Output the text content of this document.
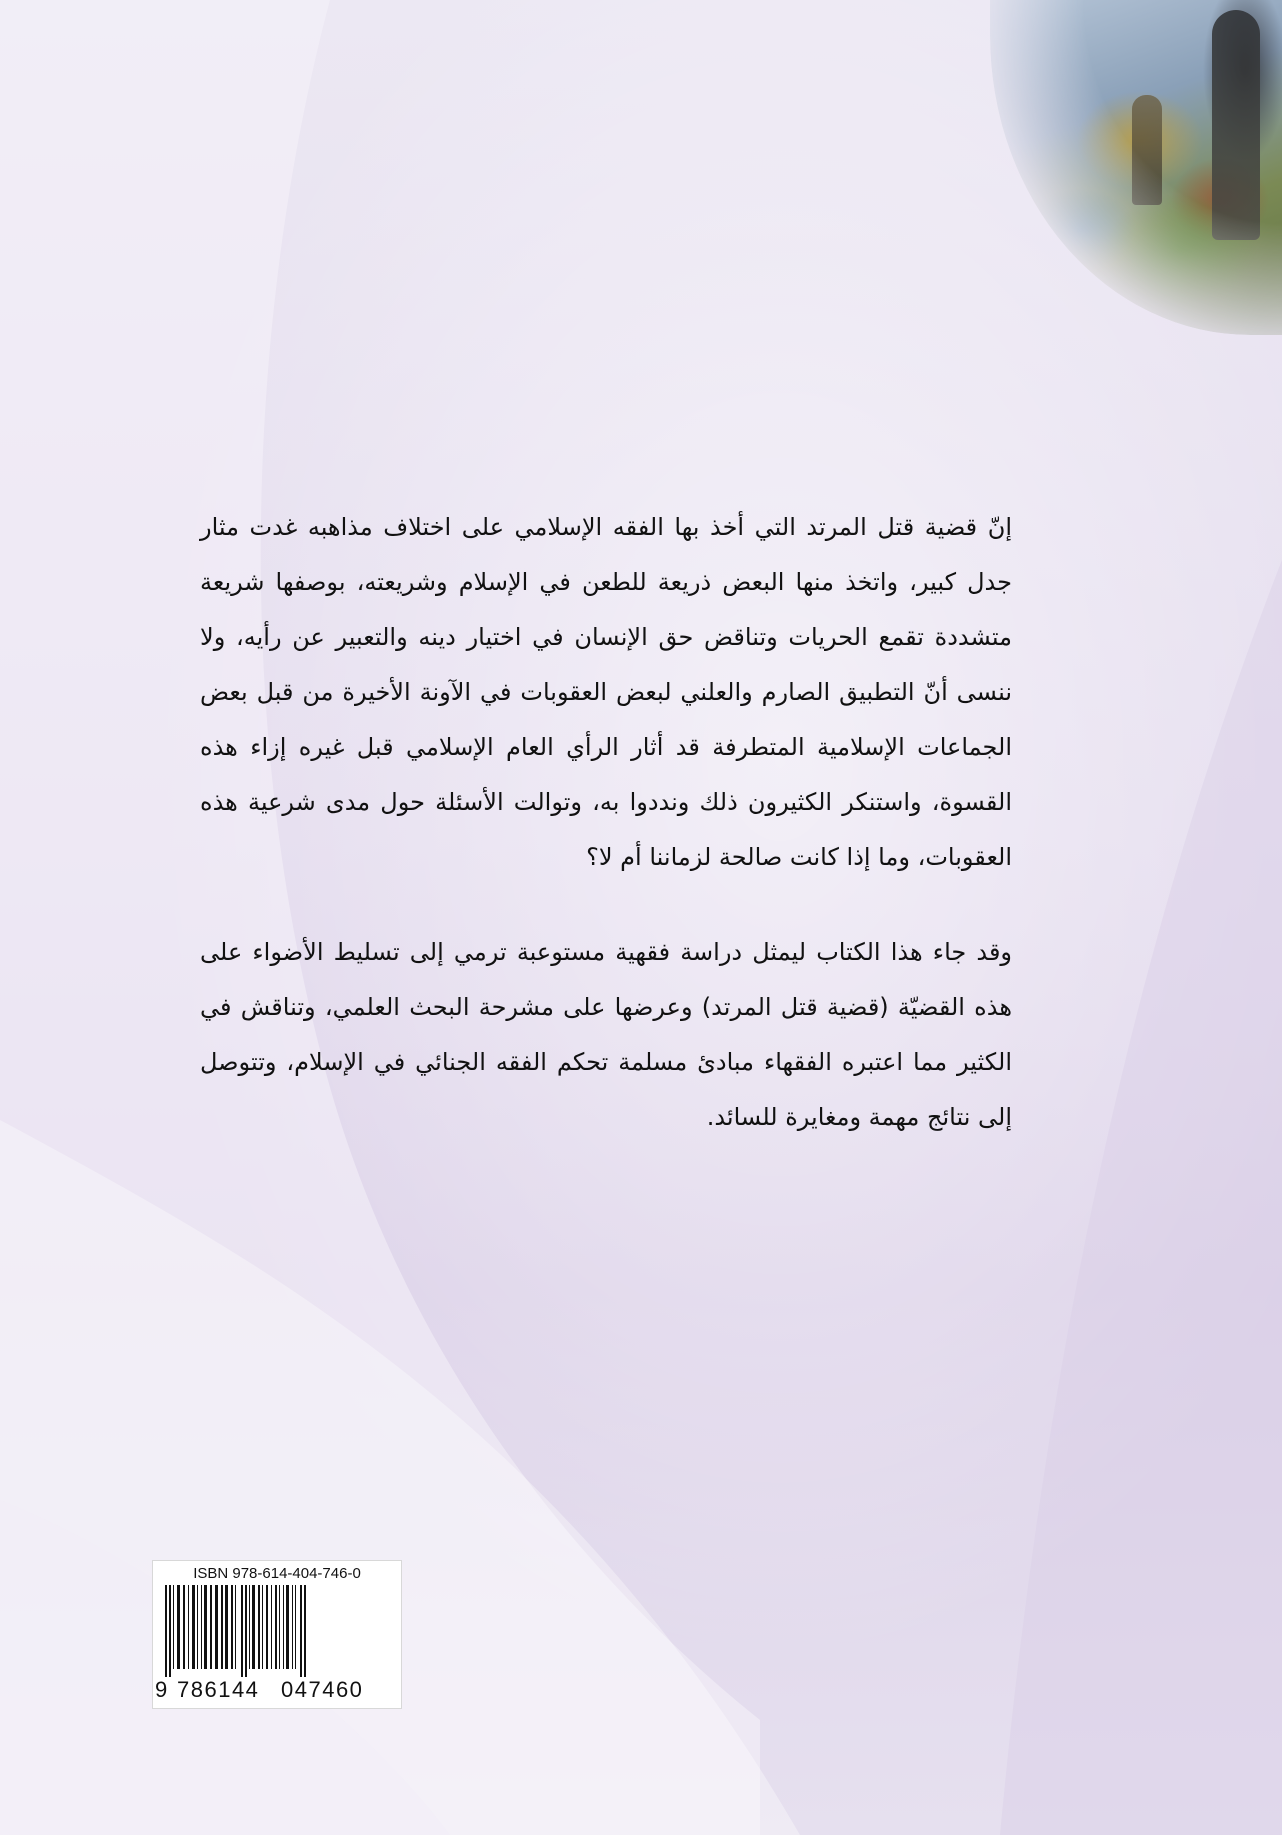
إنّ قضية قتل المرتد التي أخذ بها الفقه الإسلامي على اختلاف مذاهبه غدت مثار جدل كبير، واتخذ منها البعض ذريعة للطعن في الإسلام وشريعته، بوصفها شريعة متشددة تقمع الحريات وتناقض حق الإنسان في اختيار دينه والتعبير عن رأيه، ولا ننسى أنّ التطبيق الصارم والعلني لبعض العقوبات في الآونة الأخيرة من قبل بعض الجماعات الإسلامية المتطرفة قد أثار الرأي العام الإسلامي قبل غيره إزاء هذه القسوة، واستنكر الكثيرون ذلك ونددوا به، وتوالت الأسئلة حول مدى شرعية هذه العقوبات، وما إذا كانت صالحة لزماننا أم لا؟

وقد جاء هذا الكتاب ليمثل دراسة فقهية مستوعبة ترمي إلى تسليط الأضواء على هذه القضيّة (قضية قتل المرتد) وعرضها على مشرحة البحث العلمي، وتناقش في الكثير مما اعتبره الفقهاء مبادئ مسلمة تحكم الفقه الجنائي في الإسلام، وتتوصل إلى نتائج مهمة ومغايرة للسائد.

ISBN 978-614-404-746-0
9 786144 047460
